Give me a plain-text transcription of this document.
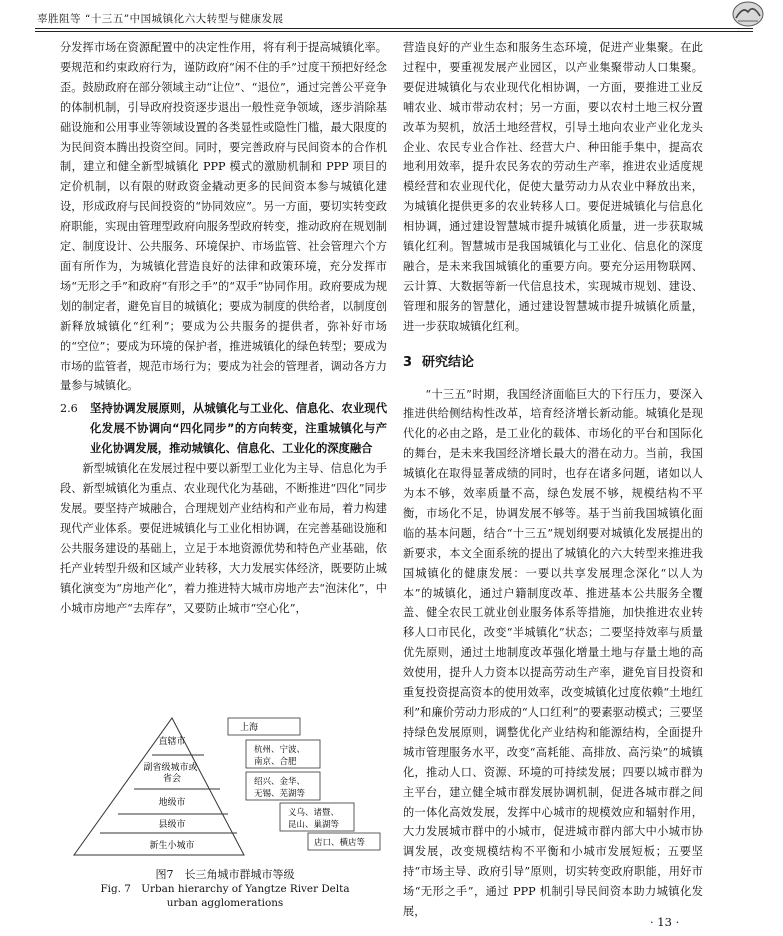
辜胜阻等 “十三五”中国城镇化六大转型与健康发展

分发挥市场在资源配置中的决定性作用，将有利于提高城镇化率。要规范和约束政府行为，谨防政府“闲不住的手”过度干预把好经念歪。鼓励政府在部分领域主动“让位”、“退位”，通过完善公平竞争的体制机制，引导政府投资逐步退出一般性竞争领域，逐步消除基础设施和公用事业等领域设置的各类显性或隐性门槛，最大限度的为民间资本腾出投资空间。同时，要完善政府与民间资本的合作机制，建立和健全新型城镇化 PPP 模式的激励机制和 PPP 项目的定价机制，以有限的财政资金撬动更多的民间资本参与城镇化建设，形成政府与民间投资的“协同效应”。另一方面，要切实转变政府职能，实现由管理型政府向服务型政府转变，推动政府在规划制定、制度设计、公共服务、环境保护、市场监管、社会管理六个方面有所作为，为城镇化营造良好的法律和政策环境，充分发挥市场“无形之手”和政府“有形之手”的“双手”协同作用。政府要成为规划的制定者，避免盲目的城镇化；要成为制度的供给者，以制度创新释放城镇化“红利”；要成为公共服务的提供者，弥补好市场的“空位”；要成为环境的保护者，推进城镇化的绿色转型；要成为市场的监管者，规范市场行为；要成为社会的管理者，调动各方力量参与城镇化。

2.6	坚持协调发展原则，从城镇化与工业化、信息化、农业现代化发展不协调向“四化同步”的方向转变，注重城镇化与产业化协调发展，推动城镇化、信息化、工业化的深度融合

新型城镇化在发展过程中要以新型工业化为主导、信息化为手段、新型城镇化为重点、农业现代化为基础，不断推进“四化”同步发展。要坚持产城融合，合理规划产业结构和产业布局，着力构建现代产业体系。要促进城镇化与工业化相协调，在完善基础设施和公共服务建设的基础上，立足于本地资源优势和特色产业基础，依托产业转型升级和区域产业转移，大力发展实体经济，既要防止城镇化演变为“房地产化”，着力推进特大城市房地产去“泡沫化”，中小城市房地产“去库存”，又要防止城市“空心化”，

直辖市
副省级城市或 省会
地级市
县级市
新生小城市
上海
杭州、宁波、 南京、合肥
绍兴、金华、 无锡、芜湖等
义乌、诸暨、 昆山、巢湖等
店口、横店等
图7　长三角城市群城市等级
Fig. 7　Urban hierarchy of Yangtze River Delta
urban agglomerations

营造良好的产业生态和服务生态环境，促进产业集聚。在此过程中，要重视发展产业园区，以产业集聚带动人口集聚。要促进城镇化与农业现代化相协调，一方面，要推进工业反哺农业、城市带动农村；另一方面，要以农村土地三权分置改革为契机，放活土地经营权，引导土地向农业产业化龙头企业、农民专业合作社、经营大户、种田能手集中，提高农地利用效率，提升农民务农的劳动生产率，推进农业适度规模经营和农业现代化，促使大量劳动力从农业中释放出来，为城镇化提供更多的农业转移人口。要促进城镇化与信息化相协调，通过建设智慧城市提升城镇化质量，进一步获取城镇化红利。智慧城市是我国城镇化与工业化、信息化的深度融合，是未来我国城镇化的重要方向。要充分运用物联网、云计算、大数据等新一代信息技术，实现城市规划、建设、管理和服务的智慧化，通过建设智慧城市提升城镇化质量，进一步获取城镇化红利。

3 研究结论

“十三五”时期，我国经济面临巨大的下行压力，要深入推进供给侧结构性改革，培育经济增长新动能。城镇化是现代化的必由之路，是工业化的载体、市场化的平台和国际化的舞台，是未来我国经济增长最大的潜在动力。当前，我国城镇化在取得显著成绩的同时，也存在诸多问题，诸如以人为本不够，效率质量不高，绿色发展不够，规模结构不平衡，市场化不足，协调发展不够等。基于当前我国城镇化面临的基本问题，结合“十三五”规划纲要对城镇化发展提出的新要求，本文全面系统的提出了城镇化的六大转型来推进我国城镇化的健康发展：一要以共享发展理念深化“以人为本”的城镇化，通过户籍制度改革、推进基本公共服务全覆盖、健全农民工就业创业服务体系等措施，加快推进农业转移人口市民化，改变“半城镇化”状态；二要坚持效率与质量优先原则，通过土地制度改革强化增量土地与存量土地的高效使用，提升人力资本以提高劳动生产率，避免盲目投资和重复投资提高资本的使用效率，改变城镇化过度依赖“土地红利”和廉价劳动力形成的“人口红利”的要素驱动模式；三要坚持绿色发展原则，调整优化产业结构和能源结构，全面提升城市管理服务水平，改变“高耗能、高排放、高污染”的城镇化，推动人口、资源、环境的可持续发展；四要以城市群为主平台，建立健全城市群发展协调机制，促进各城市群之间的一体化高效发展，发挥中心城市的规模效应和辐射作用，大力发展城市群中的小城市，促进城市群内部大中小城市协调发展，改变规模结构不平衡和小城市发展短板；五要坚持“市场主导、政府引导”原则，切实转变政府职能，用好市场“无形之手”，通过 PPP 机制引导民间资本助力城镇化发展，

· 13 ·
